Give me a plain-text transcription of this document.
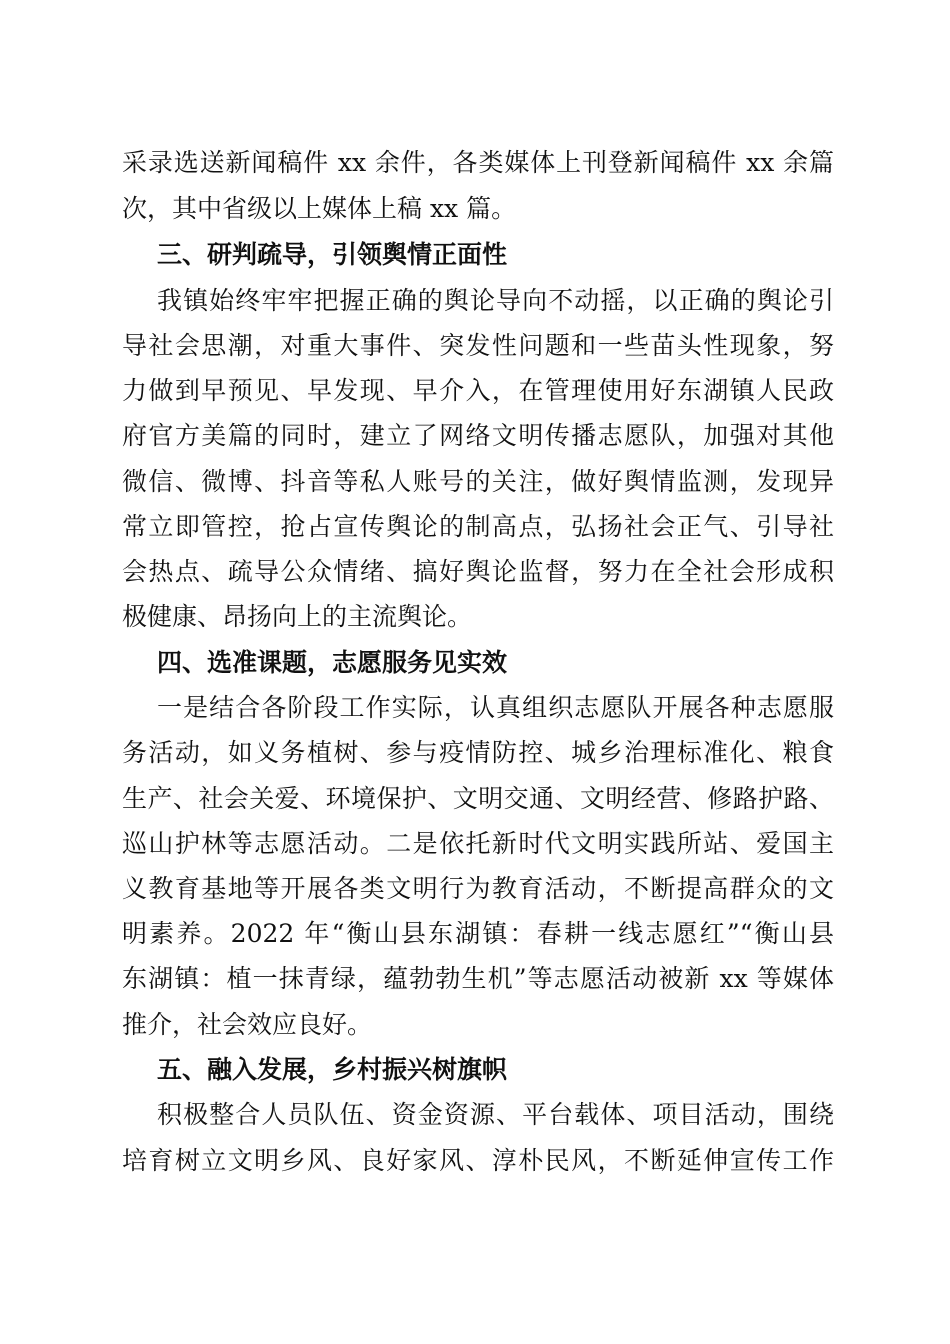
采录选送新闻稿件 xx 余件，各类媒体上刊登新闻稿件 xx 余篇
次，其中省级以上媒体上稿 xx 篇。
三、研判疏导，引领舆情正面性
我镇始终牢牢把握正确的舆论导向不动摇，以正确的舆论引
导社会思潮，对重大事件、突发性问题和一些苗头性现象，努
力做到早预见、早发现、早介入，在管理使用好东湖镇人民政
府官方美篇的同时，建立了网络文明传播志愿队，加强对其他
微信、微博、抖音等私人账号的关注，做好舆情监测，发现异
常立即管控，抢占宣传舆论的制高点，弘扬社会正气、引导社
会热点、疏导公众情绪、搞好舆论监督，努力在全社会形成积
极健康、昂扬向上的主流舆论。
四、选准课题，志愿服务见实效
一是结合各阶段工作实际，认真组织志愿队开展各种志愿服
务活动，如义务植树、参与疫情防控、城乡治理标准化、粮食
生产、社会关爱、环境保护、文明交通、文明经营、修路护路、
巡山护林等志愿活动。二是依托新时代文明实践所站、爱国主
义教育基地等开展各类文明行为教育活动，不断提高群众的文
明素养。2022 年“衡山县东湖镇：春耕一线志愿红”“衡山县
东湖镇：植一抹青绿，蕴勃勃生机”等志愿活动被新 xx 等媒体
推介，社会效应良好。
五、融入发展，乡村振兴树旗帜
积极整合人员队伍、资金资源、平台载体、项目活动，围绕
培育树立文明乡风、良好家风、淳朴民风，不断延伸宣传工作
